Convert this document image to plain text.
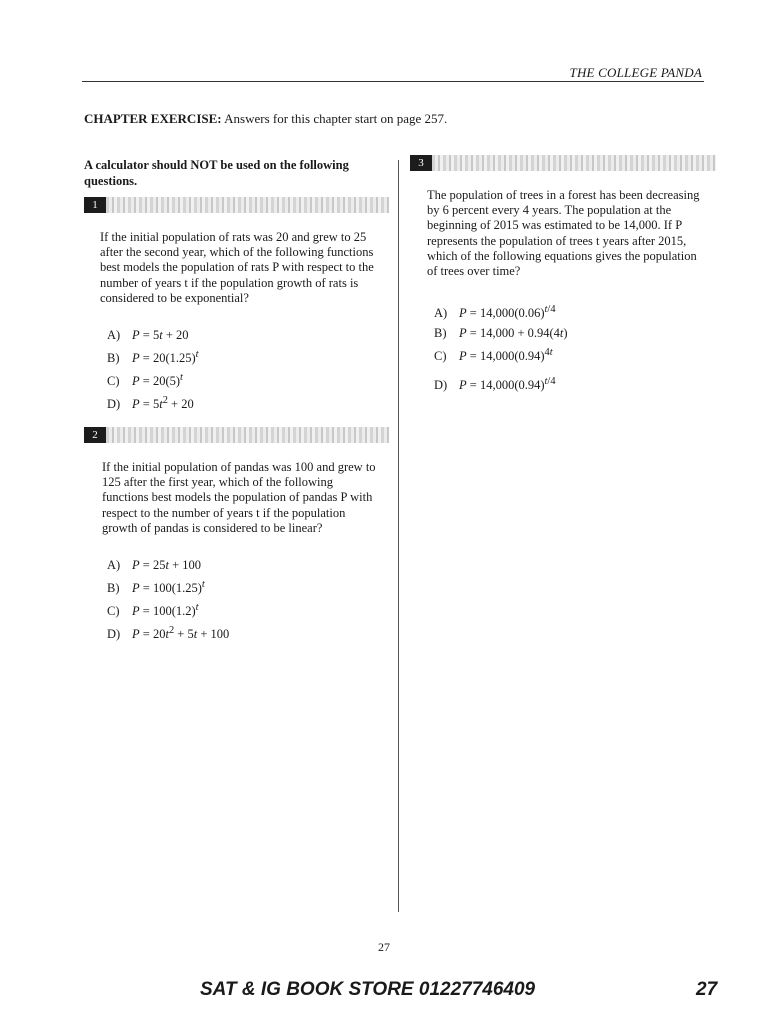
THE COLLEGE PANDA
CHAPTER EXERCISE: Answers for this chapter start on page 257.
A calculator should NOT be used on the following questions.
1
If the initial population of rats was 20 and grew to 25 after the second year, which of the following functions best models the population of rats P with respect to the number of years t if the population growth of rats is considered to be exponential?
A) P = 5t + 20
B) $P = 20(1.25)^t$
C) $P = 20(5)^t$
D) $P = 5t^2 + 20$
2
If the initial population of pandas was 100 and grew to 125 after the first year, which of the following functions best models the population of pandas P with respect to the number of years t if the population growth of pandas is considered to be linear?
A) P = 25t + 100
B) $P = 100(1.25)^t$
C) $P = 100(1.2)^t$
D) $P = 20t^2 + 5t + 100$
3
The population of trees in a forest has been decreasing by 6 percent every 4 years. The population at the beginning of 2015 was estimated to be 14,000. If P represents the population of trees t years after 2015, which of the following equations gives the population of trees over time?
A) $P = 14,000(0.06)^{t/4}$
B) P = 14,000 + 0.94(4t)
C) $P = 14,000(0.94)^{4t}$
D) $P = 14,000(0.94)^{t/4}$
27
SAT & IG BOOK STORE 01227746409	27
